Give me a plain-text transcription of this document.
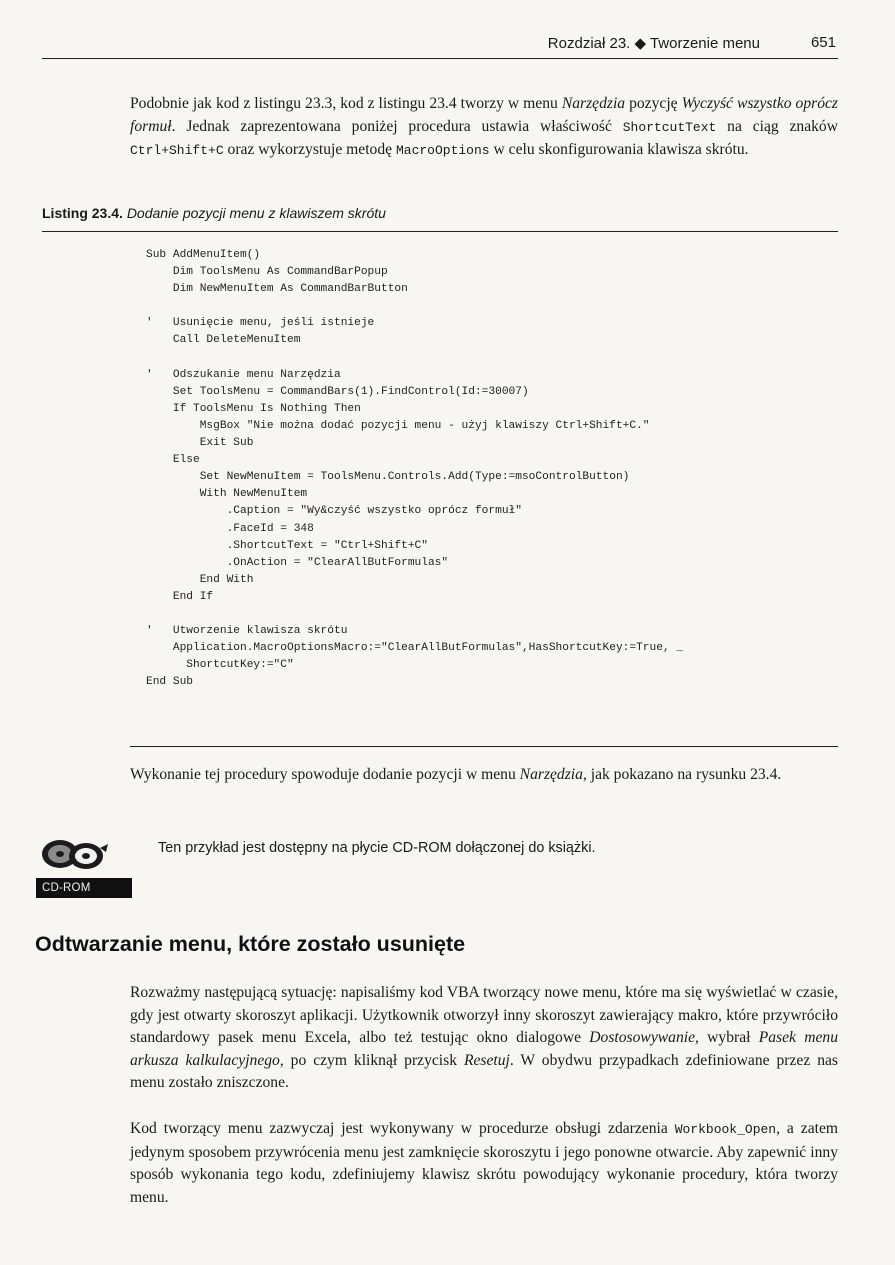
Rozdział 23. ◆ Tworzenie menu	651

Podobnie jak kod z listingu 23.3, kod z listingu 23.4 tworzy w menu Narzędzia pozycję Wyczyść wszystko oprócz formuł. Jednak zaprezentowana poniżej procedura ustawia właściwość ShortcutText na ciąg znaków Ctrl+Shift+C oraz wykorzystuje metodę MacroOptions w celu skonfigurowania klawisza skrótu.

Listing 23.4. Dodanie pozycji menu z klawiszem skrótu
Sub AddMenuItem()
Dim ToolsMenu As CommandBarPopup
Dim NewMenuItem As CommandBarButton

'   Usunięcie menu, jeśli istnieje
Call DeleteMenuItem

'   Odszukanie menu Narzędzia
Set ToolsMenu = CommandBars(1).FindControl(Id:=30007)
If ToolsMenu Is Nothing Then
MsgBox "Nie można dodać pozycji menu - użyj klawiszy Ctrl+Shift+C."
Exit Sub
Else
Set NewMenuItem = ToolsMenu.Controls.Add(Type:=msoControlButton)
With NewMenuItem
.Caption = "Wy&czyść wszystko oprócz formuł"
.FaceId = 348
.ShortcutText = "Ctrl+Shift+C"
.OnAction = "ClearAllButFormulas"
End With
End If

'   Utworzenie klawisza skrótu
Application.MacroOptionsMacro:="ClearAllButFormulas",HasShortcutKey:=True, _
ShortcutKey:="C"
End Sub

Wykonanie tej procedury spowoduje dodanie pozycji w menu Narzędzia, jak pokazano na rysunku 23.4.

CD-ROM
Ten przykład jest dostępny na płycie CD-ROM dołączonej do książki.
Odtwarzanie menu, które zostało usunięte

Rozważmy następującą sytuację: napisaliśmy kod VBA tworzący nowe menu, które ma się wyświetlać w czasie, gdy jest otwarty skoroszyt aplikacji. Użytkownik otworzył inny skoroszyt zawierający makro, które przywróciło standardowy pasek menu Excela, albo też testując okno dialogowe Dostosowywanie, wybrał Pasek menu arkusza kalkulacyjnego, po czym kliknął przycisk Resetuj. W obydwu przypadkach zdefiniowane przez nas menu zostało zniszczone.

Kod tworzący menu zazwyczaj jest wykonywany w procedurze obsługi zdarzenia Workbook_Open, a zatem jedynym sposobem przywrócenia menu jest zamknięcie skoroszytu i jego ponowne otwarcie. Aby zapewnić inny sposób wykonania tego kodu, zdefiniujemy klawisz skrótu powodujący wykonanie procedury, która tworzy menu.
